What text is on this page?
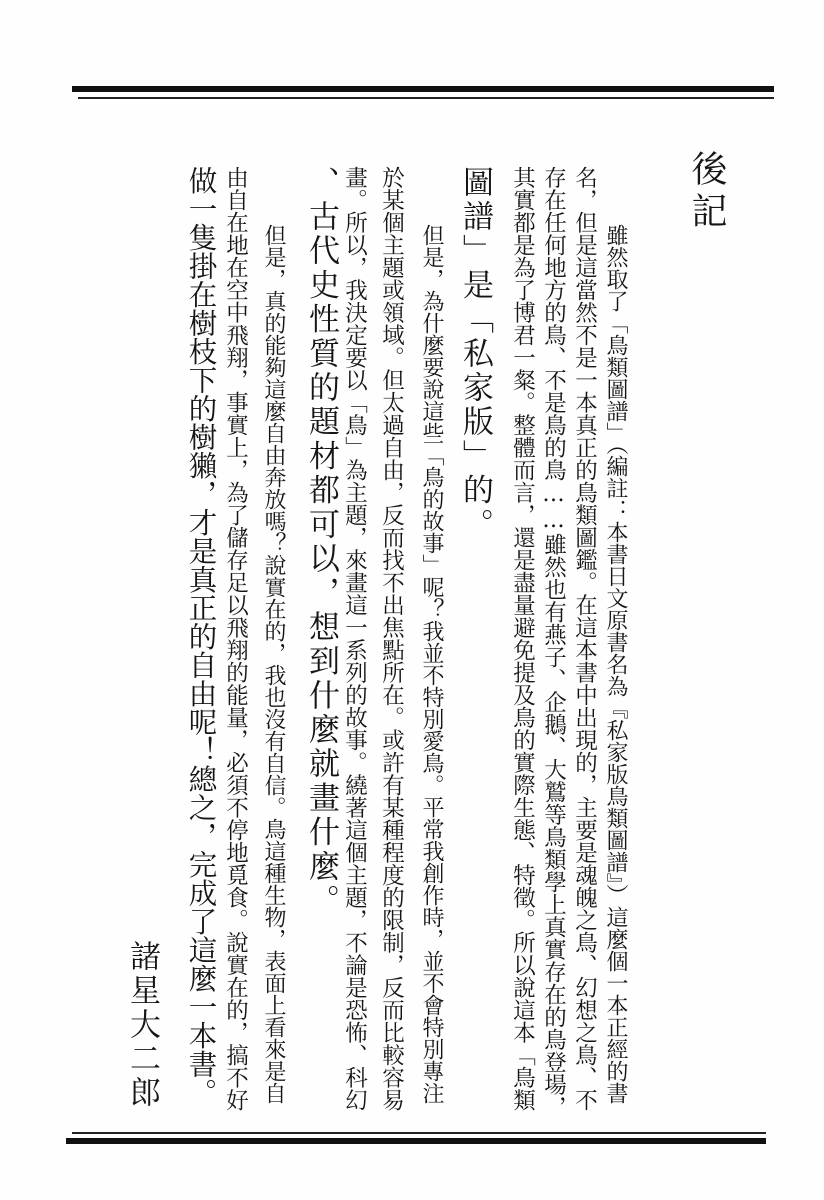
後記

　雖然取了「鳥類圖譜」（編註：本書日文原書名為『私家版鳥類圖譜』）這麼個一本正經的書

名，但是這當然不是一本真正的鳥類圖鑑。在這本書中出現的，主要是魂魄之鳥、幻想之鳥、不

存在任何地方的鳥、不是鳥的鳥……雖然也有燕子、企鵝、大鷲等鳥類學上真實存在的鳥登場，

其實都是為了博君一粲。整體而言，還是盡量避免提及鳥的實際生態、特徵。所以說這本「鳥類

圖譜」是「私家版」的。

　但是，為什麼要說這些「鳥的故事」呢？我並不特別愛鳥。平常我創作時，並不會特別專注

於某個主題或領域。但太過自由，反而找不出焦點所在。或許有某種程度的限制，反而比較容易

畫。所以，我決定要以「鳥」為主題，來畫這一系列的故事。繞著這個主題，不論是恐怖、科幻

、古代史性質的題材都可以，想到什麼就畫什麼。

　但是，真的能夠這麼自由奔放嗎？說實在的，我也沒有自信。鳥這種生物，表面上看來是自

由自在地在空中飛翔，事實上，為了儲存足以飛翔的能量，必須不停地覓食。說實在的，搞不好

做一隻掛在樹枝下的樹獺，才是真正的自由呢！總之，完成了這麼一本書。

諸星大二郎
